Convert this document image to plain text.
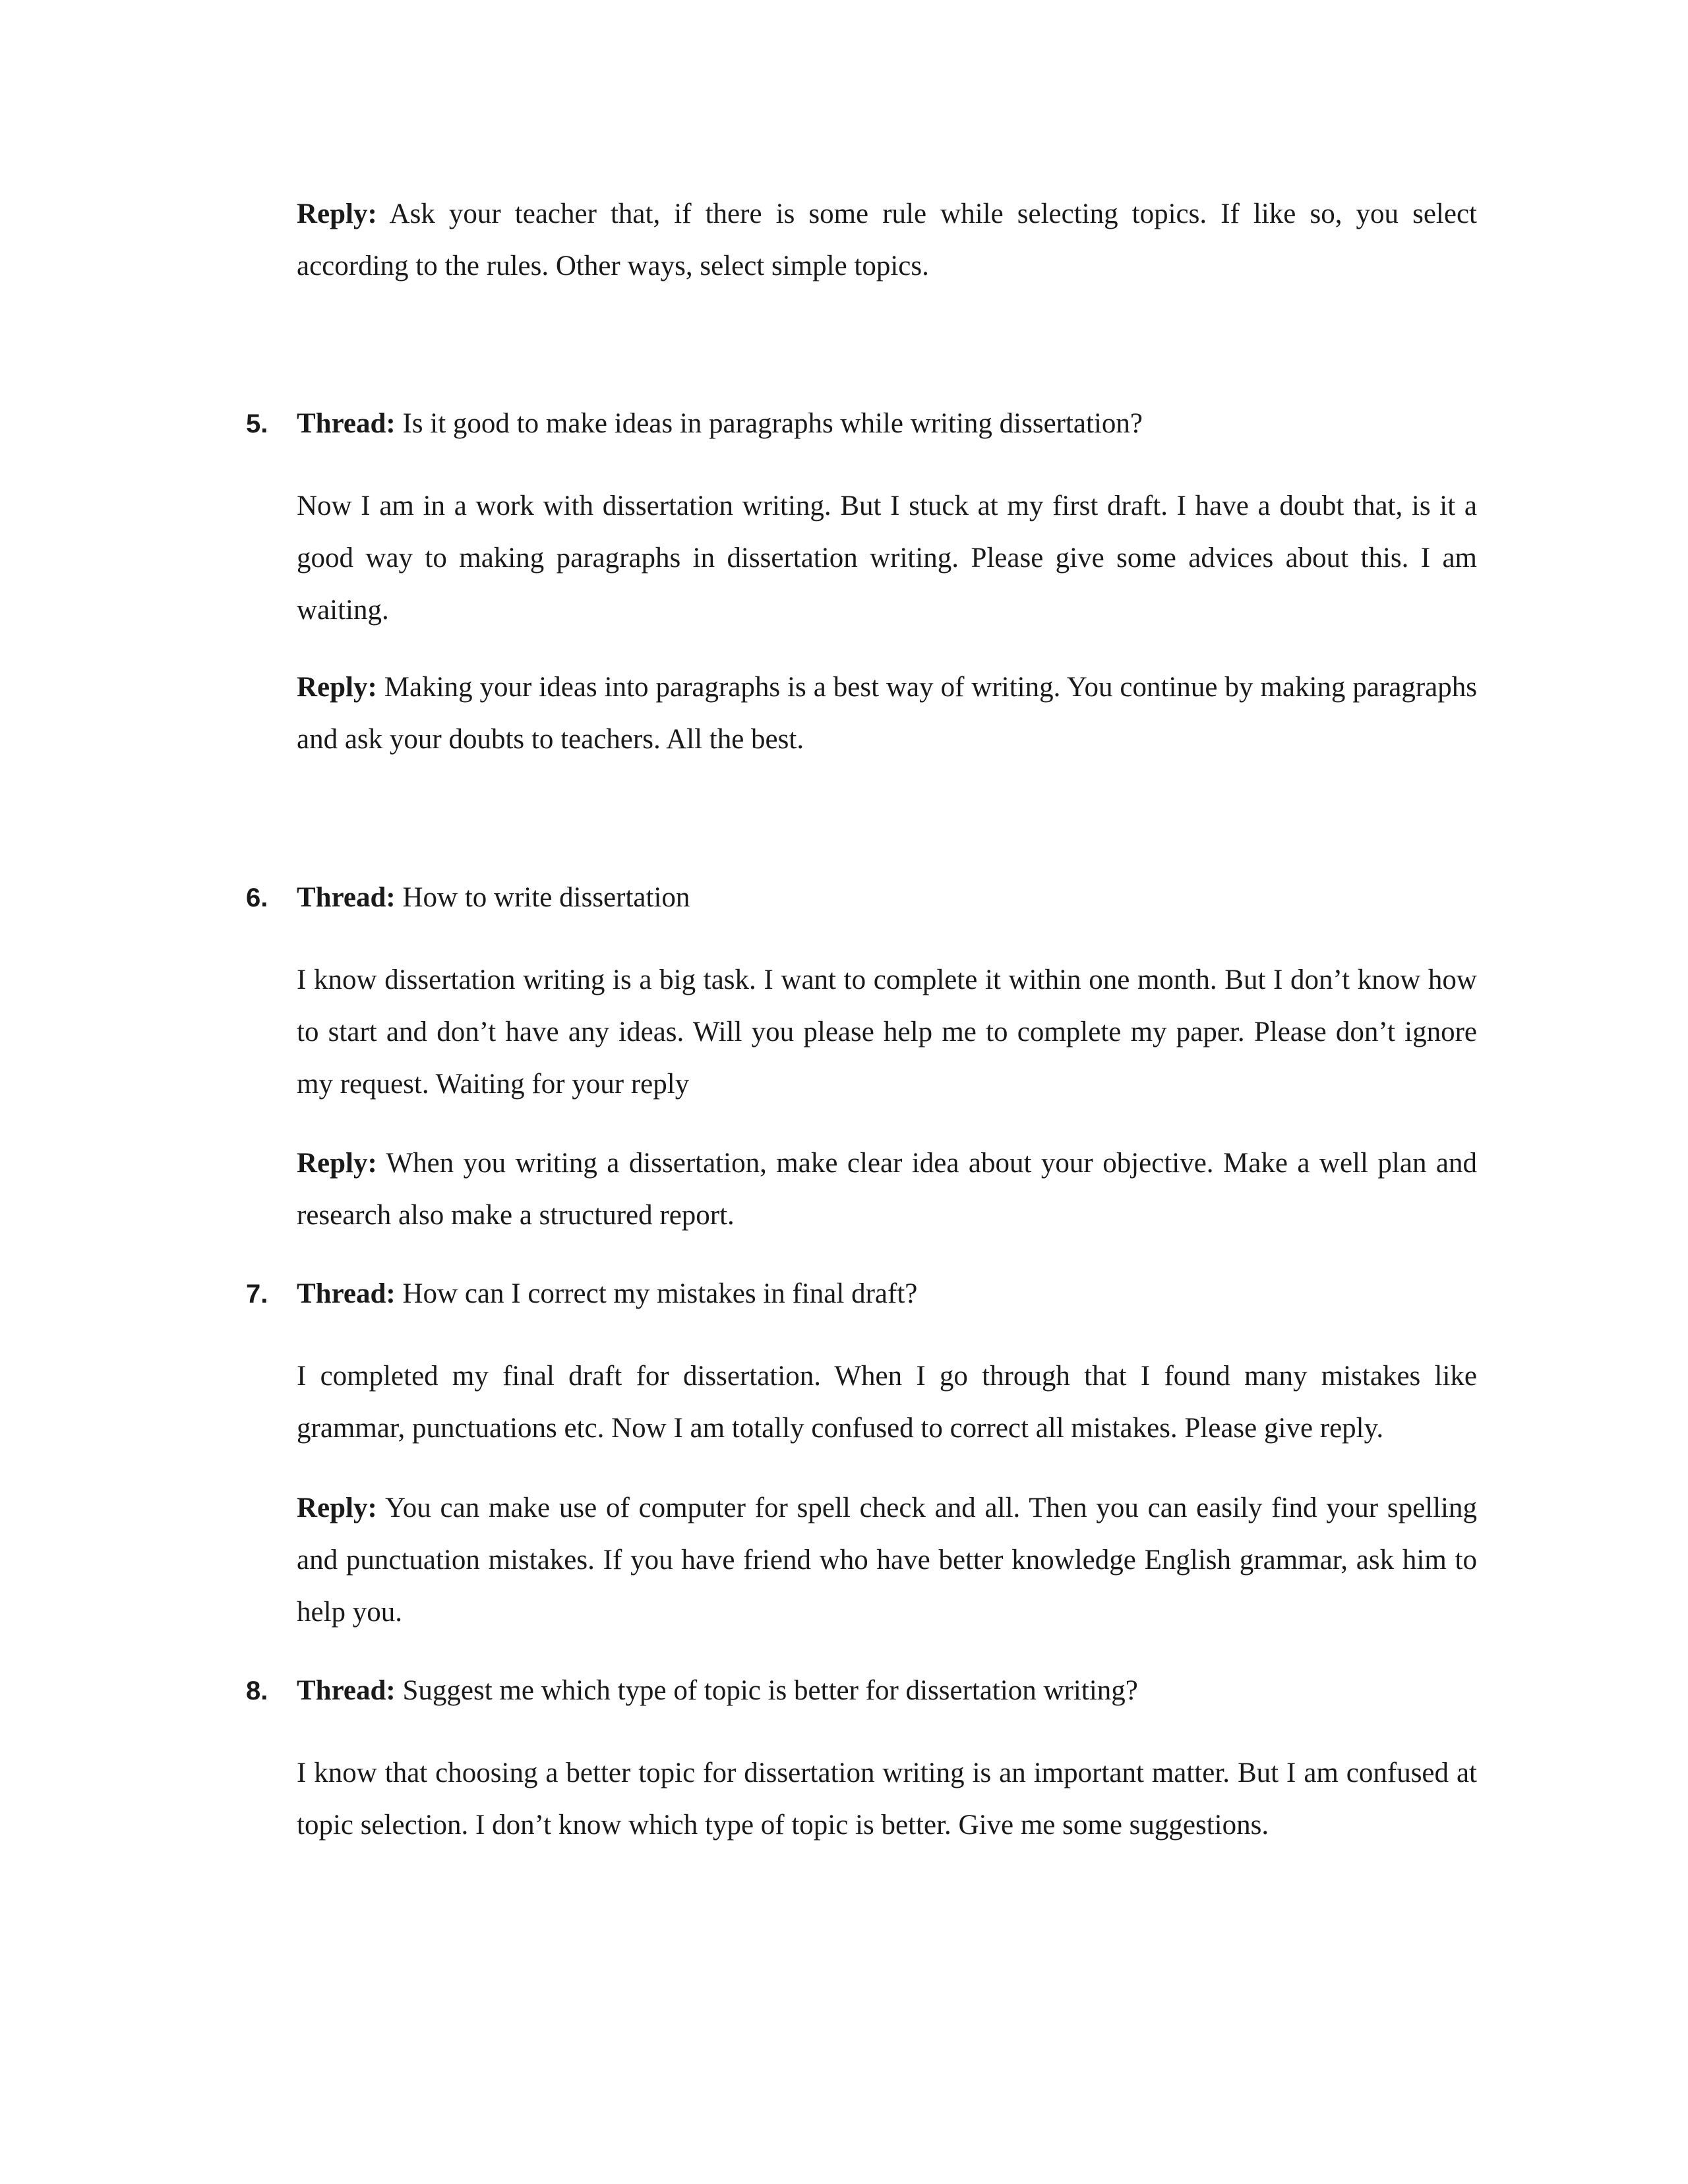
Reply: Ask your teacher that, if there is some rule while selecting topics. If like so, you select according to the rules. Other ways, select simple topics.

5. Thread: Is it good to make ideas in paragraphs while writing dissertation?

Now I am in a work with dissertation writing. But I stuck at my first draft. I have a doubt that, is it a good way to making paragraphs in dissertation writing. Please give some advices about this. I am waiting.

Reply: Making your ideas into paragraphs is a best way of writing. You continue by making paragraphs and ask your doubts to teachers. All the best.

6. Thread: How to write dissertation

I know dissertation writing is a big task. I want to complete it within one month. But I don’t know how to start and don’t have any ideas. Will you please help me to complete my paper. Please don’t ignore my request. Waiting for your reply

Reply: When you writing a dissertation, make clear idea about your objective. Make a well plan and research also make a structured report.

7. Thread: How can I correct my mistakes in final draft?

I completed my final draft for dissertation. When I go through that I found many mistakes like grammar, punctuations etc. Now I am totally confused to correct all mistakes. Please give reply.

Reply: You can make use of computer for spell check and all. Then you can easily find your spelling and punctuation mistakes. If you have friend who have better knowledge English grammar, ask him to help you.

8. Thread: Suggest me which type of topic is better for dissertation writing?

I know that choosing a better topic for dissertation writing is an important matter. But I am confused at topic selection. I don’t know which type of topic is better. Give me some suggestions.
